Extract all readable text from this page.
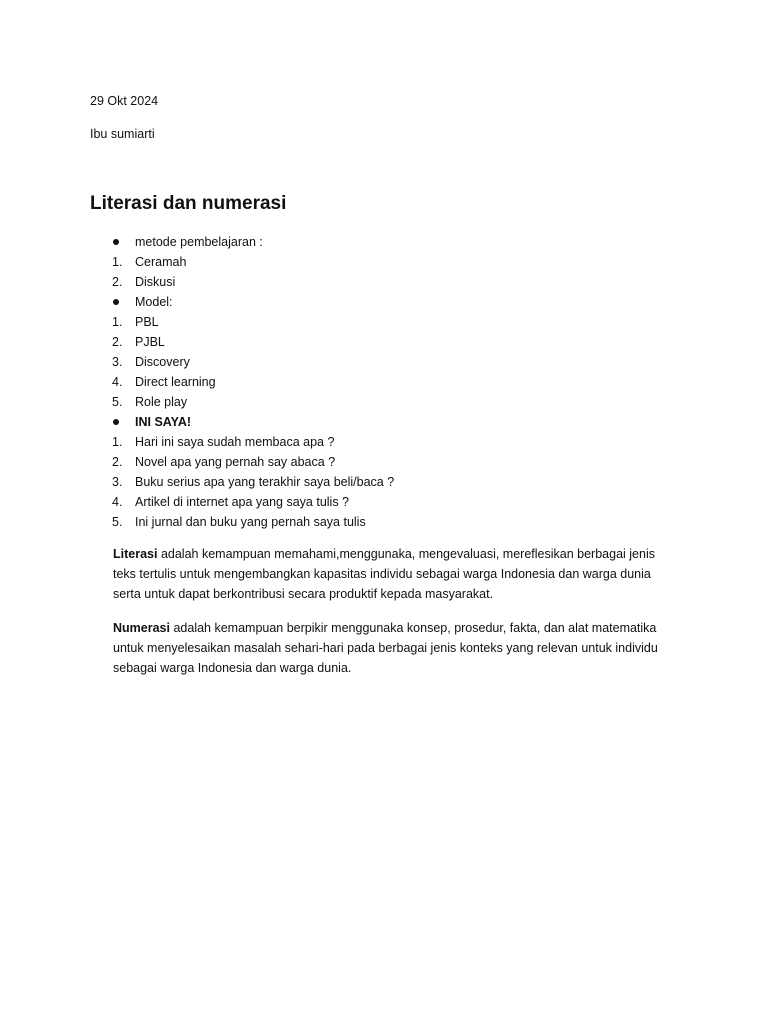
29 Okt 2024
Ibu sumiarti
Literasi dan numerasi
metode pembelajaran :
1. Ceramah
2. Diskusi
Model:
1. PBL
2. PJBL
3. Discovery
4. Direct learning
5. Role play
INI SAYA!
1. Hari ini saya sudah membaca apa ?
2. Novel apa yang pernah say abaca ?
3. Buku serius apa yang terakhir saya beli/baca ?
4. Artikel di internet apa yang saya tulis ?
5. Ini jurnal dan buku yang pernah saya tulis

Literasi adalah kemampuan memahami,menggunaka, mengevaluasi, mereflesikan berbagai jenis teks tertulis untuk mengembangkan kapasitas individu sebagai warga Indonesia dan warga dunia serta untuk dapat berkontribusi secara produktif kepada masyarakat.

Numerasi adalah kemampuan berpikir menggunaka konsep, prosedur, fakta, dan alat matematika untuk menyelesaikan masalah sehari-hari pada berbagai jenis konteks yang relevan untuk individu sebagai warga Indonesia dan warga dunia.
